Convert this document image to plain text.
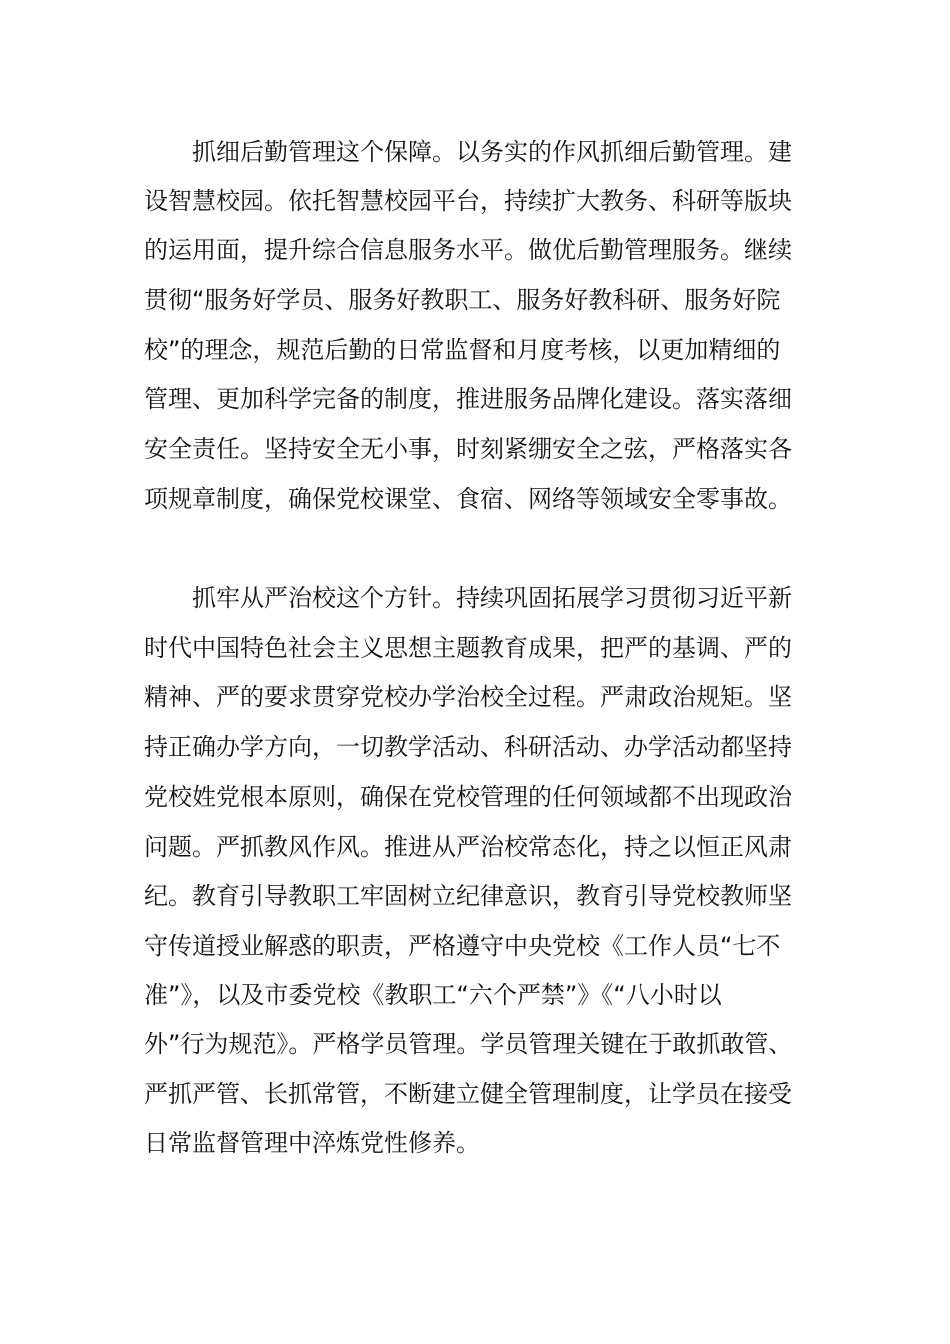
抓细后勤管理这个保障。以务实的作风抓细后勤管理。建
设智慧校园。依托智慧校园平台，持续扩大教务、科研等版块
的运用面，提升综合信息服务水平。做优后勤管理服务。继续
贯彻“服务好学员、服务好教职工、服务好教科研、服务好院
校”的理念，规范后勤的日常监督和月度考核，以更加精细的
管理、更加科学完备的制度，推进服务品牌化建设。落实落细
安全责任。坚持安全无小事，时刻紧绷安全之弦，严格落实各
项规章制度，确保党校课堂、食宿、网络等领域安全零事故。
抓牢从严治校这个方针。持续巩固拓展学习贯彻习近平新
时代中国特色社会主义思想主题教育成果，把严的基调、严的
精神、严的要求贯穿党校办学治校全过程。严肃政治规矩。坚
持正确办学方向，一切教学活动、科研活动、办学活动都坚持
党校姓党根本原则，确保在党校管理的任何领域都不出现政治
问题。严抓教风作风。推进从严治校常态化，持之以恒正风肃
纪。教育引导教职工牢固树立纪律意识，教育引导党校教师坚
守传道授业解惑的职责，严格遵守中央党校《工作人员“七不
准”》，以及市委党校《教职工“六个严禁”》《“八小时以
外”行为规范》。严格学员管理。学员管理关键在于敢抓敢管、
严抓严管、长抓常管，不断建立健全管理制度，让学员在接受
日常监督管理中淬炼党性修养。
